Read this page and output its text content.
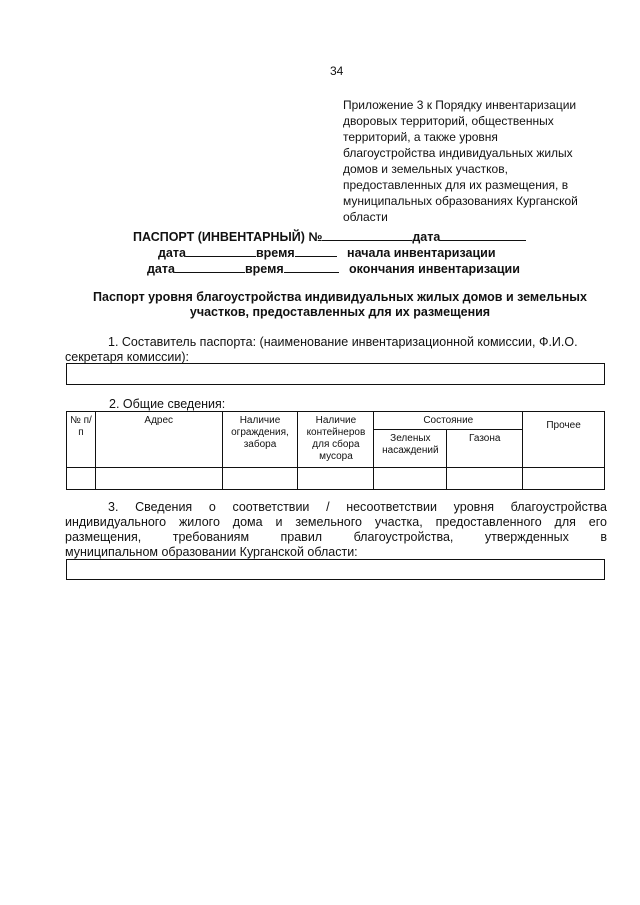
34
Приложение 3 к Порядку инвентаризации
дворовых территорий, общественных
территорий, а также уровня
благоустройства индивидуальных жилых
домов и земельных участков,
предоставленных для их размещения, в
муниципальных образованиях Курганской
области
ПАСПОРТ (ИНВЕНТАРНЫЙ) №	дата
дата	время	начала инвентаризации
дата	время	окончания инвентаризации
Паспорт уровня благоустройства индивидуальных жилых домов и земельных
участков, предоставленных для их размещения
1. Составитель паспорта: (наименование инвентаризационной комиссии, Ф.И.О.
секретаря комиссии):
2. Общие сведения:
№ п/п	Адрес	Наличие ограждения, забора	Наличие контейнеров для сбора мусора	Состояние		Прочее
				Зеленых насаждений	Газона	

3. Сведения о соответствии / несоответствии уровня благоустройства
индивидуального жилого дома и земельного участка, предоставленного для его
размещения, требованиям правил благоустройства, утвержденных в
муниципальном образовании Курганской области:
